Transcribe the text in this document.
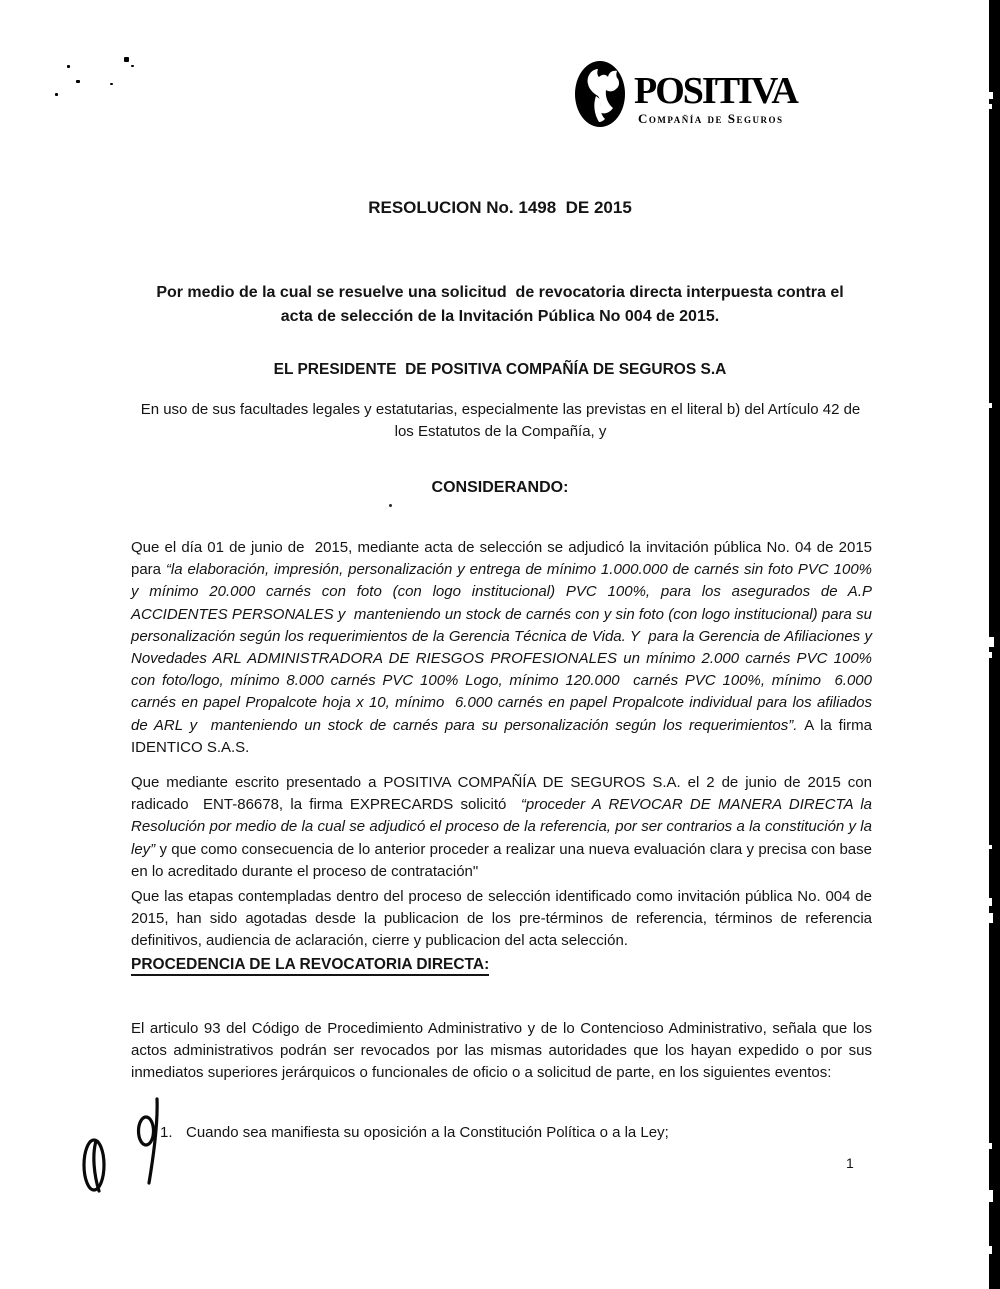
POSITIVA
Compañía de Seguros
RESOLUCION No. 1498  DE 2015
Por medio de la cual se resuelve una solicitud  de revocatoria directa interpuesta contra el acta de selección de la Invitación Pública No 004 de 2015.
EL PRESIDENTE  DE POSITIVA COMPAÑÍA DE SEGUROS S.A
En uso de sus facultades legales y estatutarias, especialmente las previstas en el literal b) del Artículo 42 de  los Estatutos de la Compañía, y
CONSIDERANDO:

Que el día 01 de junio de  2015, mediante acta de selección se adjudicó la invitación pública No. 04 de 2015 para “la elaboración, impresión, personalización y entrega de mínimo 1.000.000 de carnés sin foto PVC 100% y mínimo 20.000 carnés con foto (con logo institucional) PVC 100%, para los asegurados de A.P ACCIDENTES PERSONALES y  manteniendo un stock de carnés con y sin foto (con logo institucional) para su personalización según los requerimientos de la Gerencia Técnica de Vida. Y  para la Gerencia de Afiliaciones y Novedades ARL ADMINISTRADORA DE RIESGOS PROFESIONALES un mínimo 2.000 carnés PVC 100% con foto/logo, mínimo 8.000 carnés PVC 100% Logo, mínimo 120.000  carnés PVC 100%, mínimo  6.000 carnés en papel Propalcote hoja x 10, mínimo  6.000 carnés en papel Propalcote individual para los afiliados de ARL y  manteniendo un stock de carnés para su personalización según los requerimientos”. A la firma IDENTICO S.A.S.

Que mediante escrito presentado a POSITIVA COMPAÑÍA DE SEGUROS S.A. el 2 de junio de 2015 con radicado  ENT-86678, la firma EXPRECARDS solicitó  “proceder A REVOCAR DE MANERA DIRECTA la Resolución por medio de la cual se adjudicó el proceso de la referencia, por ser contrarios a la constitución y la ley” y que como consecuencia de lo anterior proceder a realizar una nueva evaluación clara y precisa con base en lo acreditado durante el proceso de contratación"

Que las etapas contempladas dentro del proceso de selección identificado como invitación pública No. 004 de 2015, han sido agotadas desde la publicacion de los pre-términos de referencia, términos de referencia definitivos, audiencia de aclaración, cierre y publicacion del acta selección.

PROCEDENCIA DE LA REVOCATORIA DIRECTA:

El articulo 93 del Código de Procedimiento Administrativo y de lo Contencioso Administrativo, señala que los actos administrativos podrán ser revocados por las mismas autoridades que los hayan expedido o por sus inmediatos superiores jerárquicos o funcionales de oficio o a solicitud de parte, en los siguientes eventos:

1. Cuando sea manifiesta su oposición a la Constitución Política o a la Ley;
1
